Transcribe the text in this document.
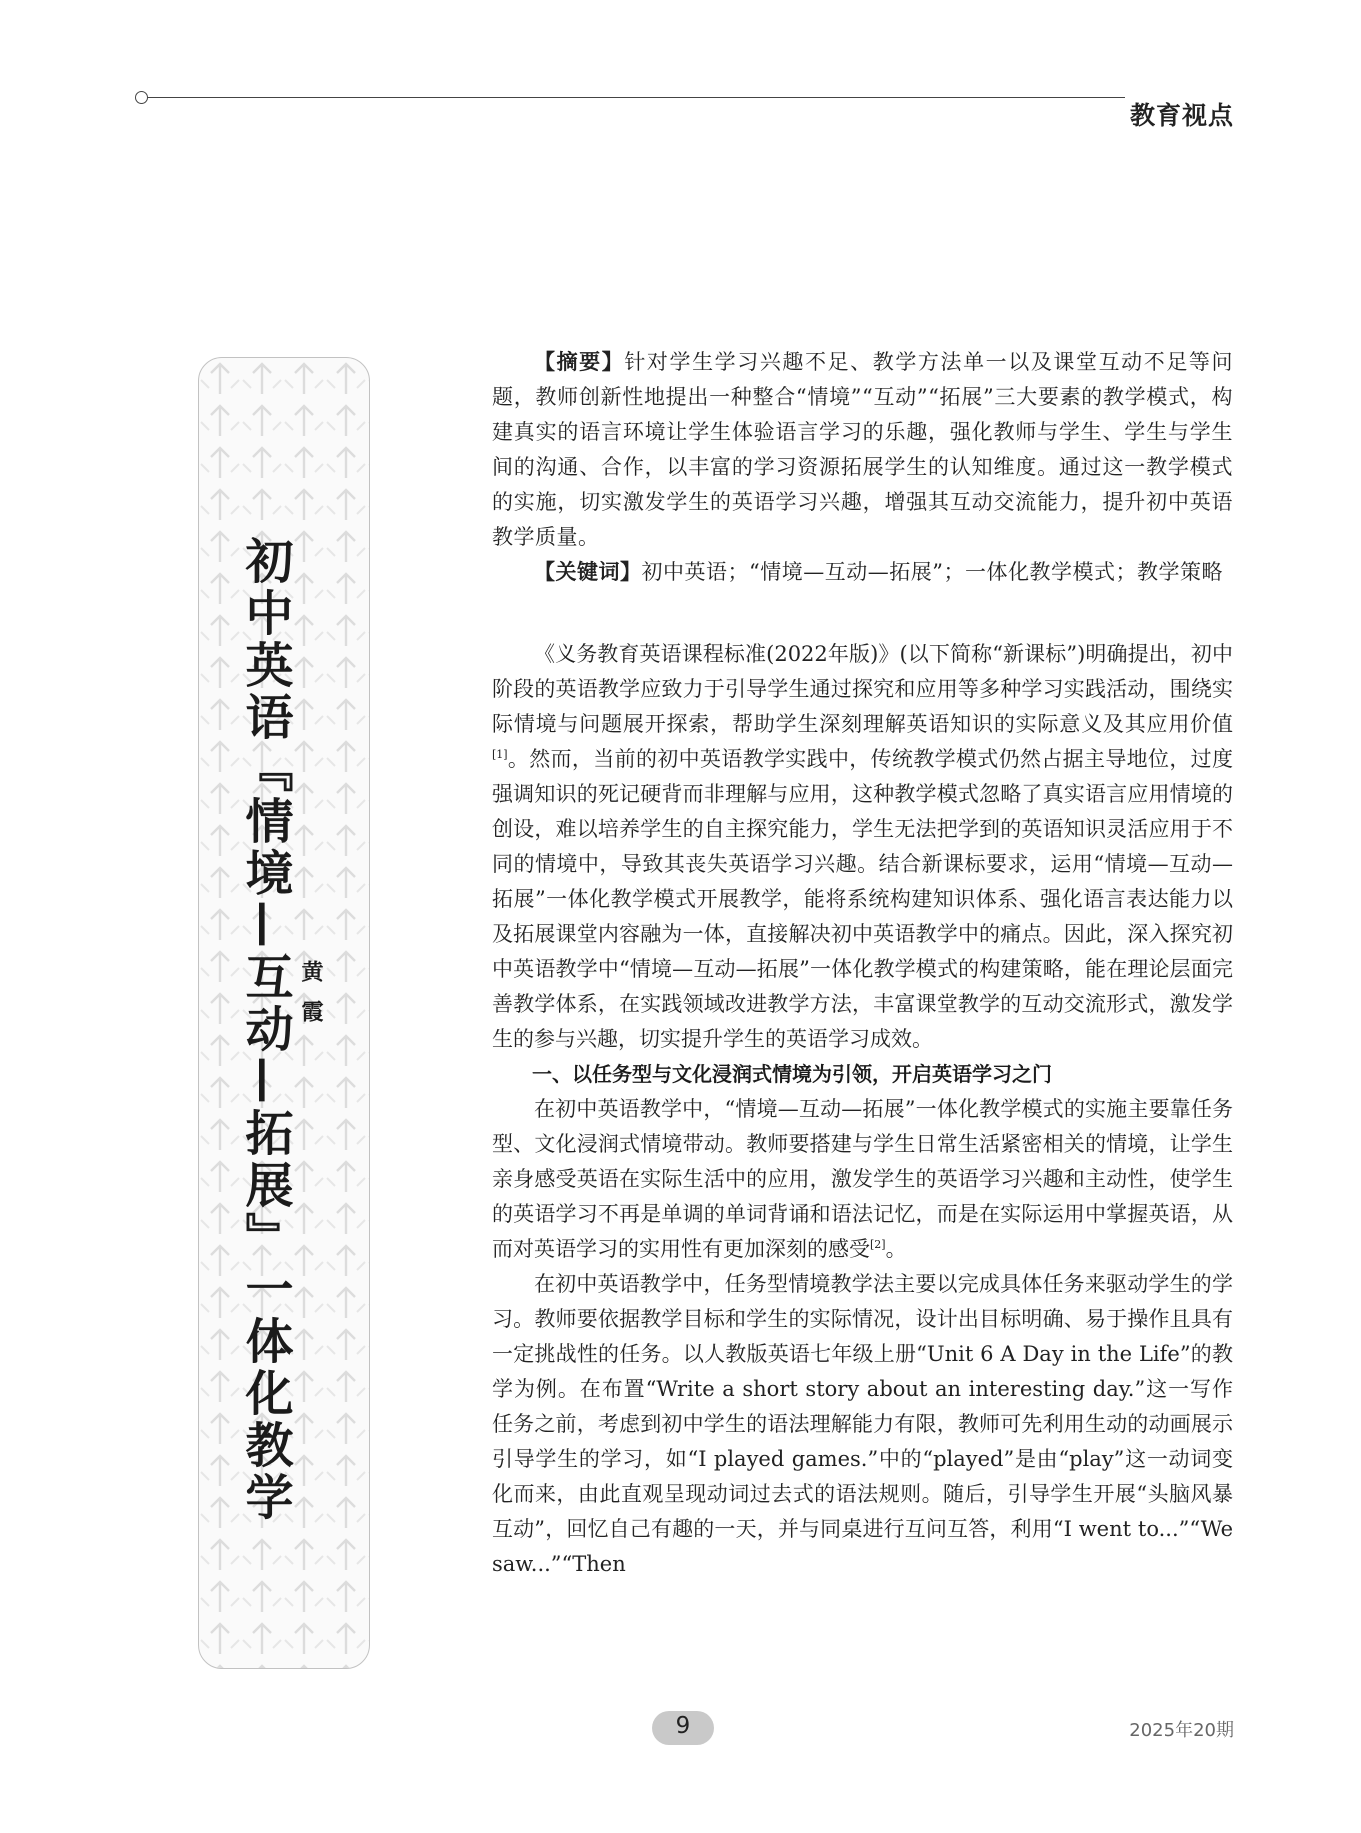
教育视点
初中英语『情境—互动—拓展』一体化教学 黄霞

【摘要】针对学生学习兴趣不足、教学方法单一以及课堂互动不足等问题，教师创新性地提出一种整合“情境”“互动”“拓展”三大要素的教学模式，构建真实的语言环境让学生体验语言学习的乐趣，强化教师与学生、学生与学生间的沟通、合作，以丰富的学习资源拓展学生的认知维度。通过这一教学模式的实施，切实激发学生的英语学习兴趣，增强其互动交流能力，提升初中英语教学质量。

【关键词】初中英语；“情境—互动—拓展”；一体化教学模式；教学策略

《义务教育英语课程标准(2022年版)》(以下简称“新课标”)明确提出，初中阶段的英语教学应致力于引导学生通过探究和应用等多种学习实践活动，围绕实际情境与问题展开探索，帮助学生深刻理解英语知识的实际意义及其应用价值[1]。然而，当前的初中英语教学实践中，传统教学模式仍然占据主导地位，过度强调知识的死记硬背而非理解与应用，这种教学模式忽略了真实语言应用情境的创设，难以培养学生的自主探究能力，学生无法把学到的英语知识灵活应用于不同的情境中，导致其丧失英语学习兴趣。结合新课标要求，运用“情境—互动—拓展”一体化教学模式开展教学，能将系统构建知识体系、强化语言表达能力以及拓展课堂内容融为一体，直接解决初中英语教学中的痛点。因此，深入探究初中英语教学中“情境—互动—拓展”一体化教学模式的构建策略，能在理论层面完善教学体系，在实践领域改进教学方法，丰富课堂教学的互动交流形式，激发学生的参与兴趣，切实提升学生的英语学习成效。

一、以任务型与文化浸润式情境为引领，开启英语学习之门

在初中英语教学中，“情境—互动—拓展”一体化教学模式的实施主要靠任务型、文化浸润式情境带动。教师要搭建与学生日常生活紧密相关的情境，让学生亲身感受英语在实际生活中的应用，激发学生的英语学习兴趣和主动性，使学生的英语学习不再是单调的单词背诵和语法记忆，而是在实际运用中掌握英语，从而对英语学习的实用性有更加深刻的感受[2]。

在初中英语教学中，任务型情境教学法主要以完成具体任务来驱动学生的学习。教师要依据教学目标和学生的实际情况，设计出目标明确、易于操作且具有一定挑战性的任务。以人教版英语七年级上册“Unit 6 A Day in the Life”的教学为例。在布置“Write a short story about an interesting day.”这一写作任务之前，考虑到初中学生的语法理解能力有限，教师可先利用生动的动画展示引导学生的学习，如“I played games.”中的“played”是由“play”这一动词变化而来，由此直观呈现动词过去式的语法规则。随后，引导学生开展“头脑风暴互动”，回忆自己有趣的一天，并与同桌进行互问互答，利用“I went to...”“We saw...”“Then

9	2025年20期
